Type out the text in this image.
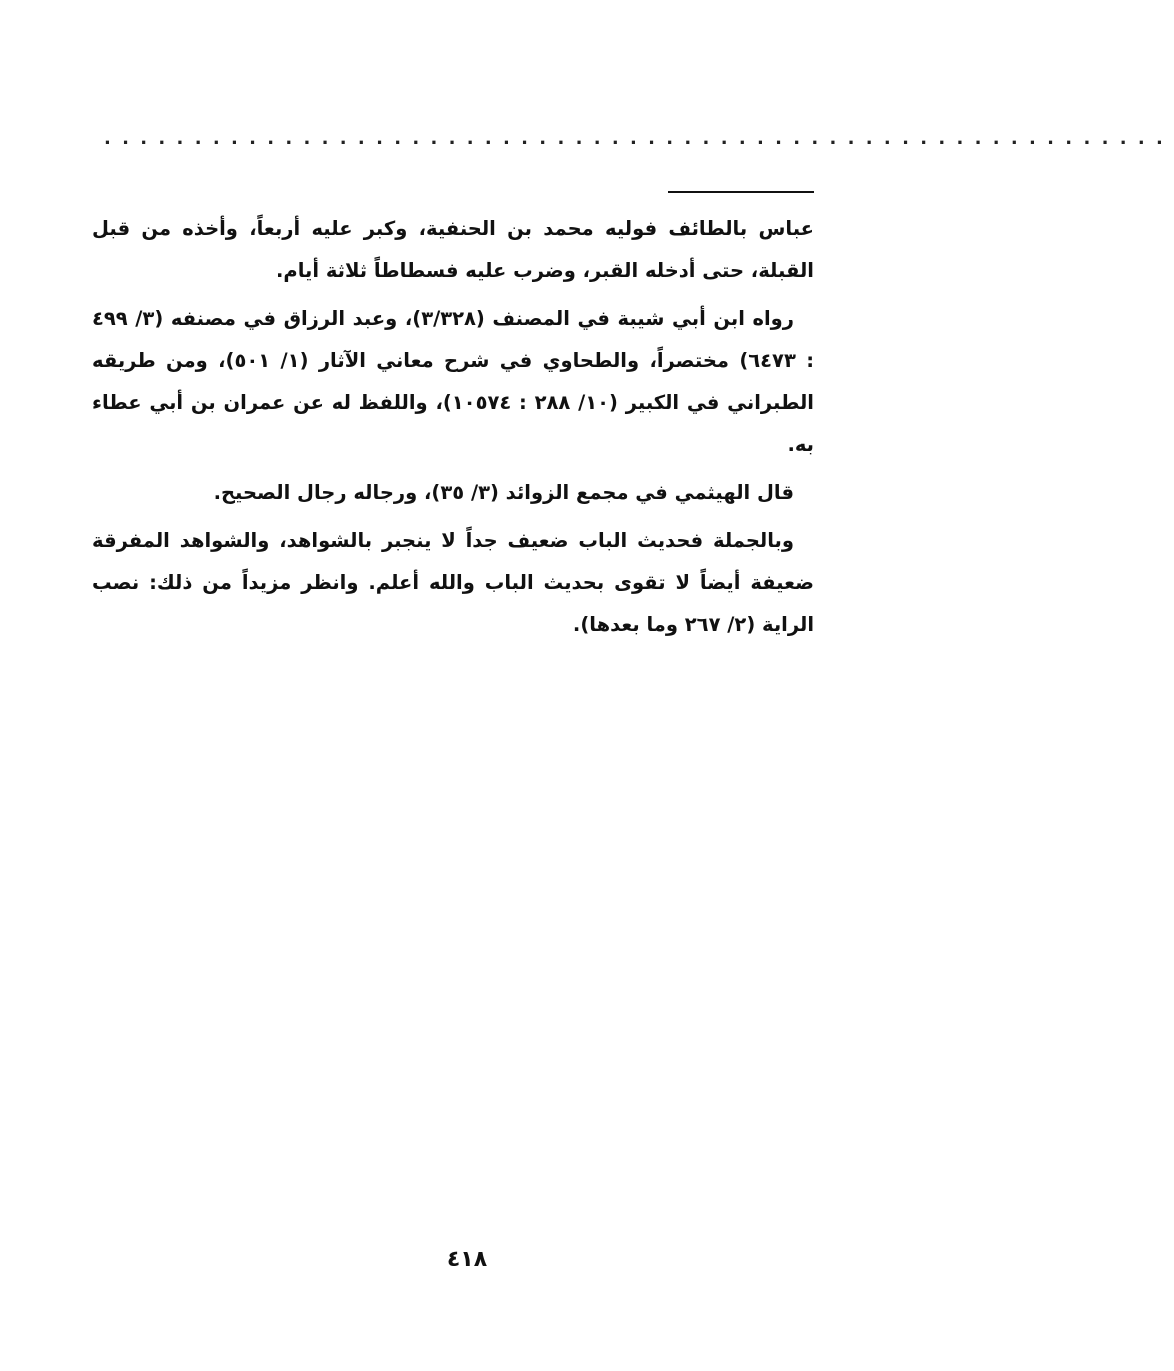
...........................................................

عباس بالطائف فوليه محمد بن الحنفية، وكبر عليه أربعاً، وأخذه من قبل القبلة، حتى أدخله القبر، وضرب عليه فسطاطاً ثلاثة أيام.

رواه ابن أبي شيبة في المصنف (٣/٣٢٨)، وعبد الرزاق في مصنفه (٣/ ٤٩٩ : ٦٤٧٣) مختصراً، والطحاوي في شرح معاني الآثار (١/ ٥٠١)، ومن طريقه الطبراني في الكبير (١٠/ ٢٨٨ : ١٠٥٧٤)، واللفظ له عن عمران بن أبي عطاء به.

قال الهيثمي في مجمع الزوائد (٣/ ٣٥)، ورجاله رجال الصحيح.

وبالجملة فحديث الباب ضعيف جداً لا ينجبر بالشواهد، والشواهد المفرقة ضعيفة أيضاً لا تقوى بحديث الباب والله أعلم. وانظر مزيداً من ذلك: نصب الراية (٢/ ٢٦٧ وما بعدها).

٤١٨
